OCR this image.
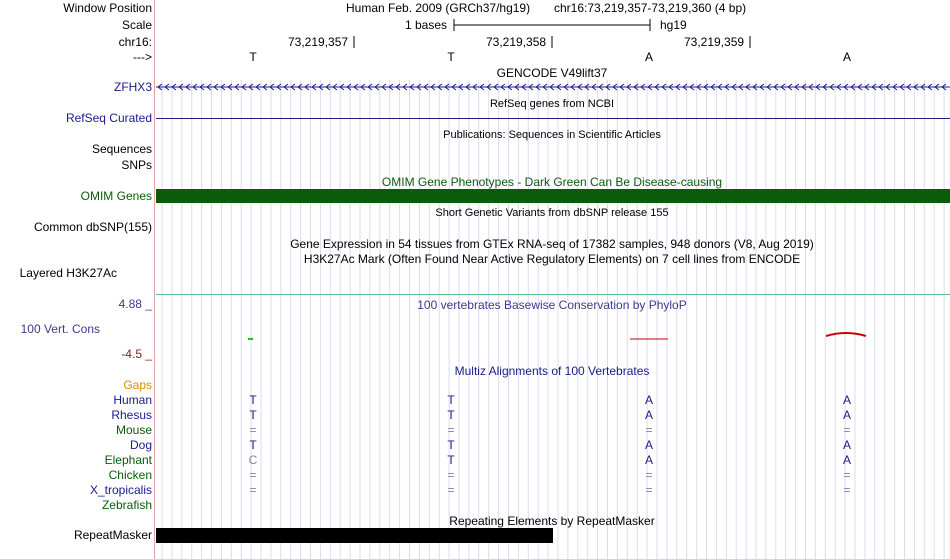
Window Position	Human Feb. 2009 (GRCh37/hg19) chr16:73,219,357-73,219,360 (4 bp)
Scale	1 bases	hg19
chr16:	73,219,357	73,219,358	73,219,359
--->	T	T	A	A
GENCODE V49lift37
ZFHX3
RefSeq genes from NCBI
RefSeq Curated
Publications: Sequences in Scientific Articles
Sequences
SNPs
OMIM Gene Phenotypes - Dark Green Can Be Disease-causing
OMIM Genes
Short Genetic Variants from dbSNP release 155
Common dbSNP(155)
Gene Expression in 54 tissues from GTEx RNA-seq of 17382 samples, 948 donors (V8, Aug 2019)
H3K27Ac Mark (Often Found Near Active Regulatory Elements) on 7 cell lines from ENCODE
Layered H3K27Ac
100 vertebrates Basewise Conservation by PhyloP
4.88 _
100 Vert. Cons
-4.5 _
Multiz Alignments of 100 Vertebrates
Gaps
Human	T	T	A	A
Rhesus	T	T	A	A
Mouse	=	=	=	=
Dog	T	T	A	A
Elephant	C	T	A	A
Chicken	=	=	=	=
X_tropicalis	=	=	=	=
Zebrafish
Repeating Elements by RepeatMasker
RepeatMasker
